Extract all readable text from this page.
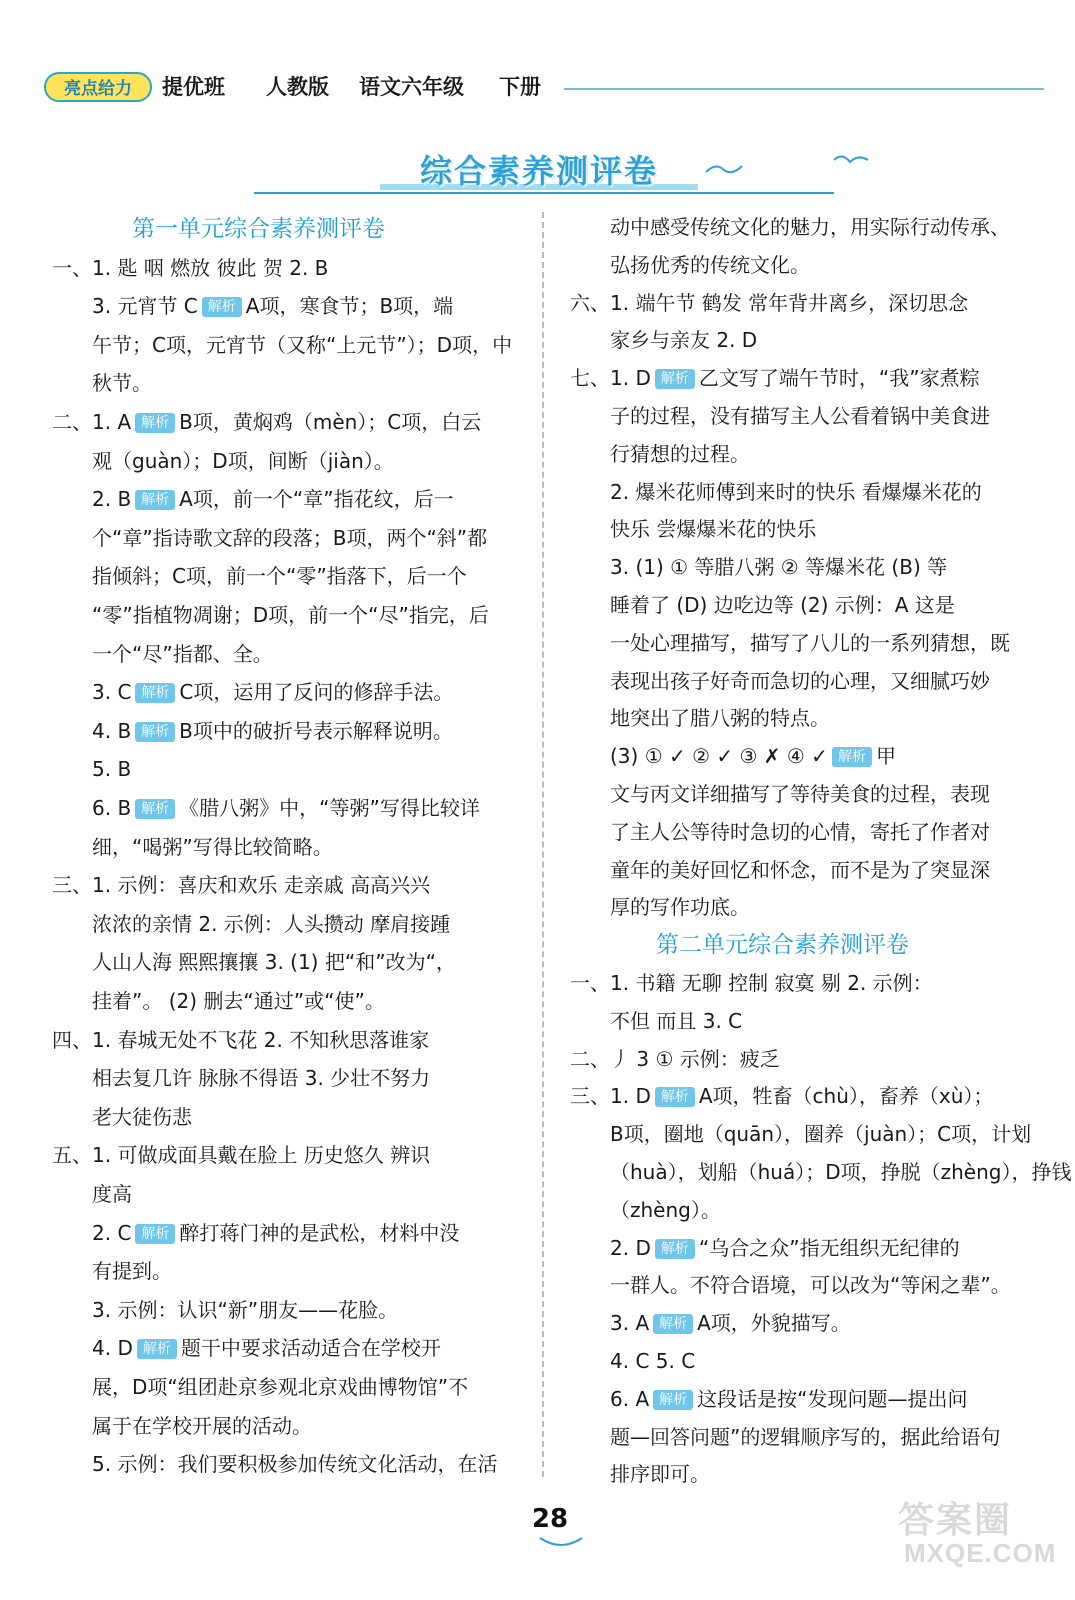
亮点给力	提优班 人教版 语文六年级 下册
综合素养测评卷
第一单元综合素养测评卷
一、1. 匙 咽 燃放 彼此 贺 2. B
3. 元宵节 C 解析 A项，寒食节；B项，端
午节；C项，元宵节（又称“上元节”）；D项，中
秋节。
二、1. A 解析 B项，黄焖鸡（mèn）；C项，白云
观（guàn）；D项，间断（jiàn）。
2. B 解析 A项，前一个“章”指花纹，后一
个“章”指诗歌文辞的段落；B项，两个“斜”都
指倾斜；C项，前一个“零”指落下，后一个
“零”指植物凋谢；D项，前一个“尽”指完，后
一个“尽”指都、全。
3. C 解析 C项，运用了反问的修辞手法。
4. B 解析 B项中的破折号表示解释说明。
5. B
6. B 解析 《腊八粥》中，“等粥”写得比较详
细，“喝粥”写得比较简略。
三、1. 示例：喜庆和欢乐 走亲戚 高高兴兴
浓浓的亲情 2. 示例：人头攒动 摩肩接踵
人山人海 熙熙攘攘 3. (1) 把“和”改为“，
挂着”。 (2) 删去“通过”或“使”。
四、1. 春城无处不飞花 2. 不知秋思落谁家
相去复几许 脉脉不得语 3. 少壮不努力
老大徒伤悲
五、1. 可做成面具戴在脸上 历史悠久 辨识
度高
2. C 解析 醉打蒋门神的是武松，材料中没
有提到。
3. 示例：认识“新”朋友——花脸。
4. D 解析 题干中要求活动适合在学校开
展，D项“组团赴京参观北京戏曲博物馆”不
属于在学校开展的活动。
5. 示例：我们要积极参加传统文化活动，在活
动中感受传统文化的魅力，用实际行动传承、
弘扬优秀的传统文化。
六、1. 端午节 鹤发 常年背井离乡，深切思念
家乡与亲友 2. D
七、1. D 解析 乙文写了端午节时，“我”家煮粽
子的过程，没有描写主人公看着锅中美食进
行猜想的过程。
2. 爆米花师傅到来时的快乐 看爆爆米花的
快乐 尝爆爆米花的快乐
3. (1) ① 等腊八粥 ② 等爆米花 (B) 等
睡着了 (D) 边吃边等 (2) 示例：A 这是
一处心理描写，描写了八儿的一系列猜想，既
表现出孩子好奇而急切的心理，又细腻巧妙
地突出了腊八粥的特点。
(3) ① ✓ ② ✓ ③ ✗ ④ ✓ 解析 甲
文与丙文详细描写了等待美食的过程，表现
了主人公等待时急切的心情，寄托了作者对
童年的美好回忆和怀念，而不是为了突显深
厚的写作功底。
第二单元综合素养测评卷
一、1. 书籍 无聊 控制 寂寞 剔 2. 示例：
不但 而且 3. C
二、丿 3 ① 示例：疲乏
三、1. D 解析 A项，牲畜（chù），畜养（xù）；
B项，圈地（quān），圈养（juàn）；C项，计划
（huà），划船（huá）；D项，挣脱（zhèng），挣钱
（zhèng）。
2. D 解析 “乌合之众”指无组织无纪律的
一群人。不符合语境，可以改为“等闲之辈”。
3. A 解析 A项，外貌描写。
4. C 5. C
6. A 解析 这段话是按“发现问题—提出问
题—回答问题”的逻辑顺序写的，据此给语句
排序即可。
28	答案圈
MXQE.COM
